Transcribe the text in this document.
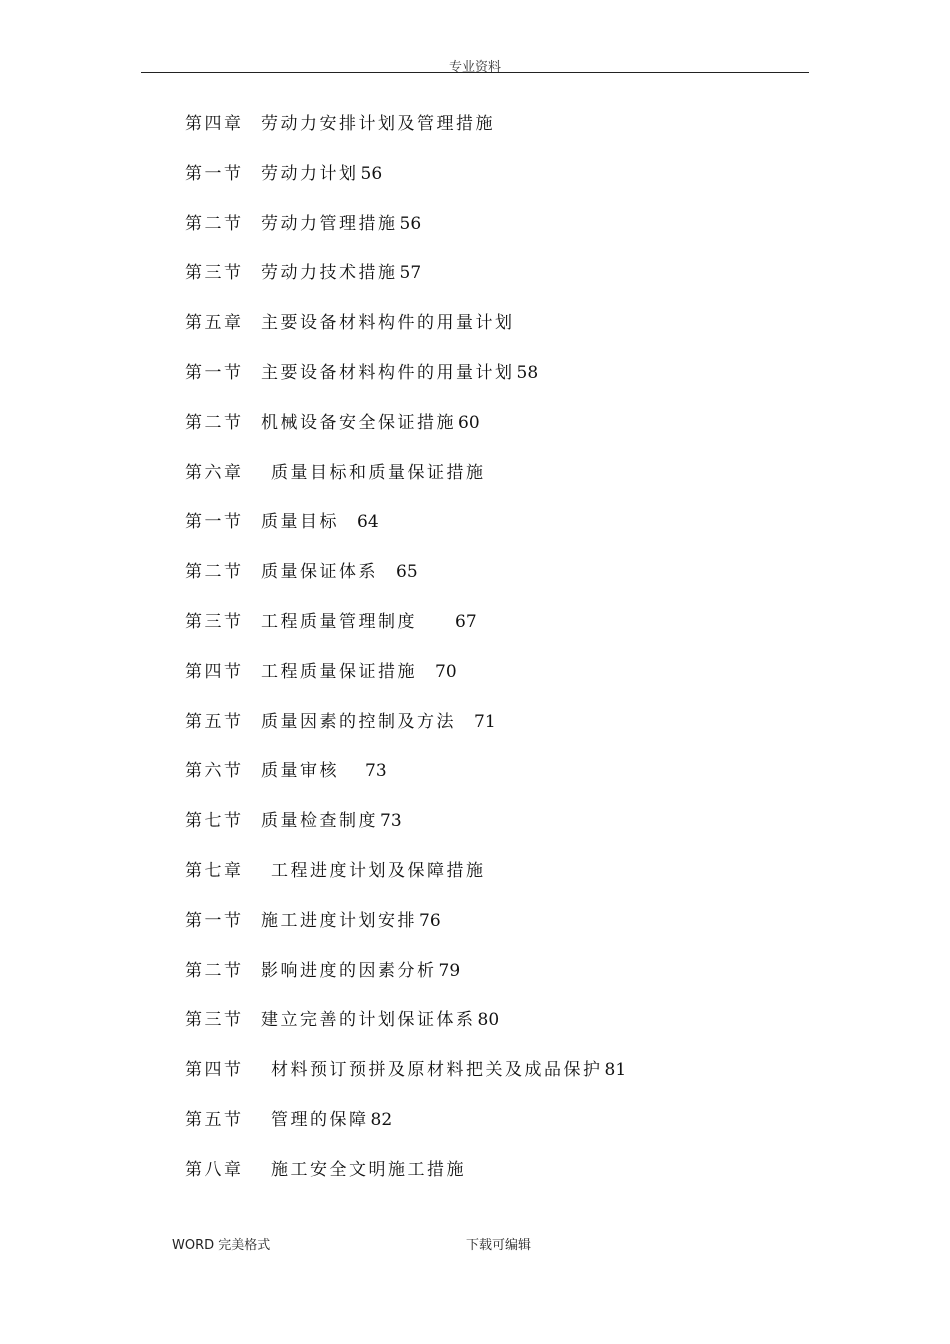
专业资料
第四章	劳动力安排计划及管理措施
第一节	劳动力计划 56
第二节	劳动力管理措施 56
第三节	劳动力技术措施 57
第五章	主要设备材料构件的用量计划
第一节	主要设备材料构件的用量计划 58
第二节	机械设备安全保证措施 60
第六章	质量目标和质量保证措施
第一节	质量目标 64
第二节	质量保证体系 65
第三节	工程质量管理制度 67
第四节	工程质量保证措施 70
第五节	质量因素的控制及方法 71
第六节	质量审核 73
第七节	质量检查制度 73
第七章	工程进度计划及保障措施
第一节	施工进度计划安排 76
第二节	影响进度的因素分析 79
第三节	建立完善的计划保证体系 80
第四节	材料预订预拼及原材料把关及成品保护 81
第五节	管理的保障 82
第八章	施工安全文明施工措施
WORD 完美格式	下载可编辑
